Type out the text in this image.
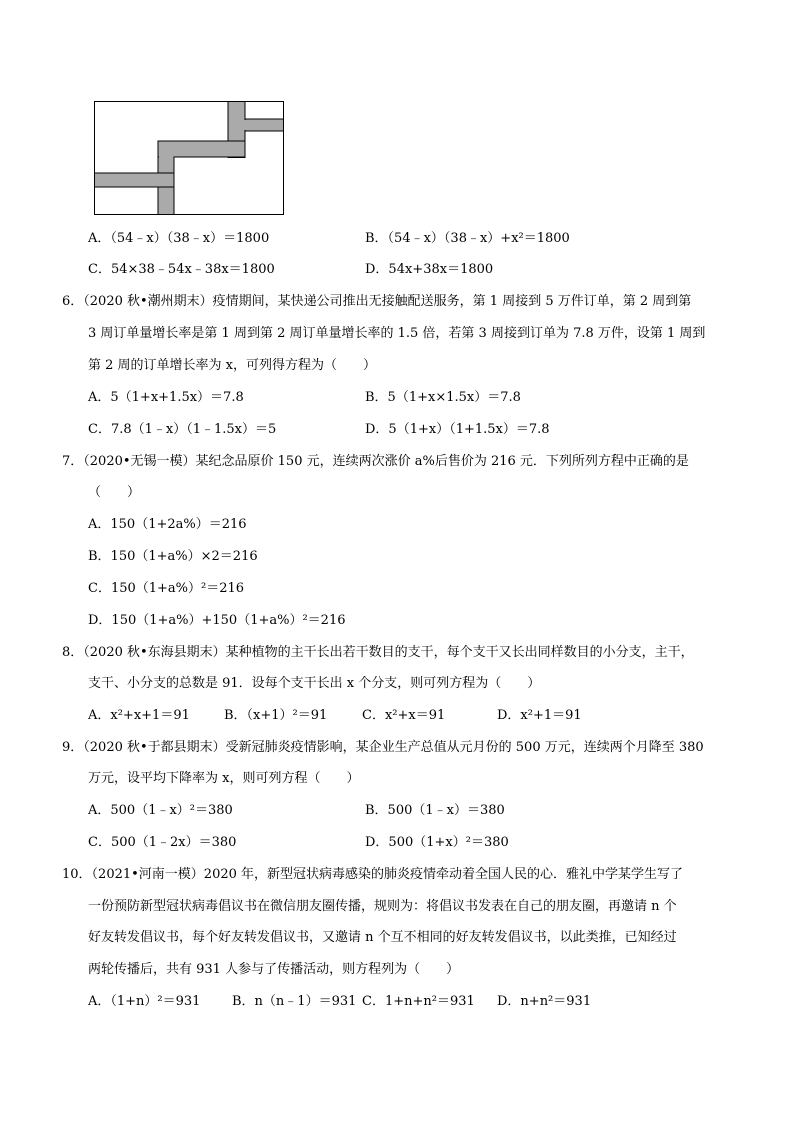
A．（54﹣x）（38﹣x）＝1800	B．（54﹣x）（38﹣x）+x²＝1800
C．54×38﹣54x﹣38x＝1800	D．54x+38x＝1800
6．（2020 秋•潮州期末）疫情期间，某快递公司推出无接触配送服务，第 1 周接到 5 万件订单，第 2 周到第
3 周订单量增长率是第 1 周到第 2 周订单量增长率的 1.5 倍，若第 3 周接到订单为 7.8 万件，设第 1 周到
第 2 周的订单增长率为 x，可列得方程为（　　）
A．5（1+x+1.5x）＝7.8	B．5（1+x×1.5x）＝7.8
C．7.8（1﹣x）（1﹣1.5x）＝5	D．5（1+x）（1+1.5x）＝7.8
7．（2020•无锡一模）某纪念品原价 150 元，连续两次涨价 a%后售价为 216 元．下列所列方程中正确的是
（　　）
A．150（1+2a%）＝216
B．150（1+a%）×2＝216
C．150（1+a%）²＝216
D．150（1+a%）+150（1+a%）²＝216
8．（2020 秋•东海县期末）某种植物的主干长出若干数目的支干，每个支干又长出同样数目的小分支，主干，
支干、小分支的总数是 91．设每个支干长出 x 个分支，则可列方程为（　　）
A．x²+x+1＝91	B．（x+1）²＝91	C．x²+x＝91	D．x²+1＝91
9．（2020 秋•于都县期末）受新冠肺炎疫情影响，某企业生产总值从元月份的 500 万元，连续两个月降至 380
万元，设平均下降率为 x，则可列方程（　　）
A．500（1﹣x）²＝380	B．500（1﹣x）＝380
C．500（1﹣2x）＝380	D．500（1+x）²＝380
10．（2021•河南一模）2020 年，新型冠状病毒感染的肺炎疫情牵动着全国人民的心．雅礼中学某学生写了
一份预防新型冠状病毒倡议书在微信朋友圈传播，规则为：将倡议书发表在自己的朋友圈，再邀请 n 个
好友转发倡议书，每个好友转发倡议书，又邀请 n 个互不相同的好友转发倡议书，以此类推，已知经过
两轮传播后，共有 931 人参与了传播活动，则方程列为（　　）
A．（1+n）²＝931 B．n（n﹣1）＝931 C．1+n+n²＝931 D．n+n²＝931
